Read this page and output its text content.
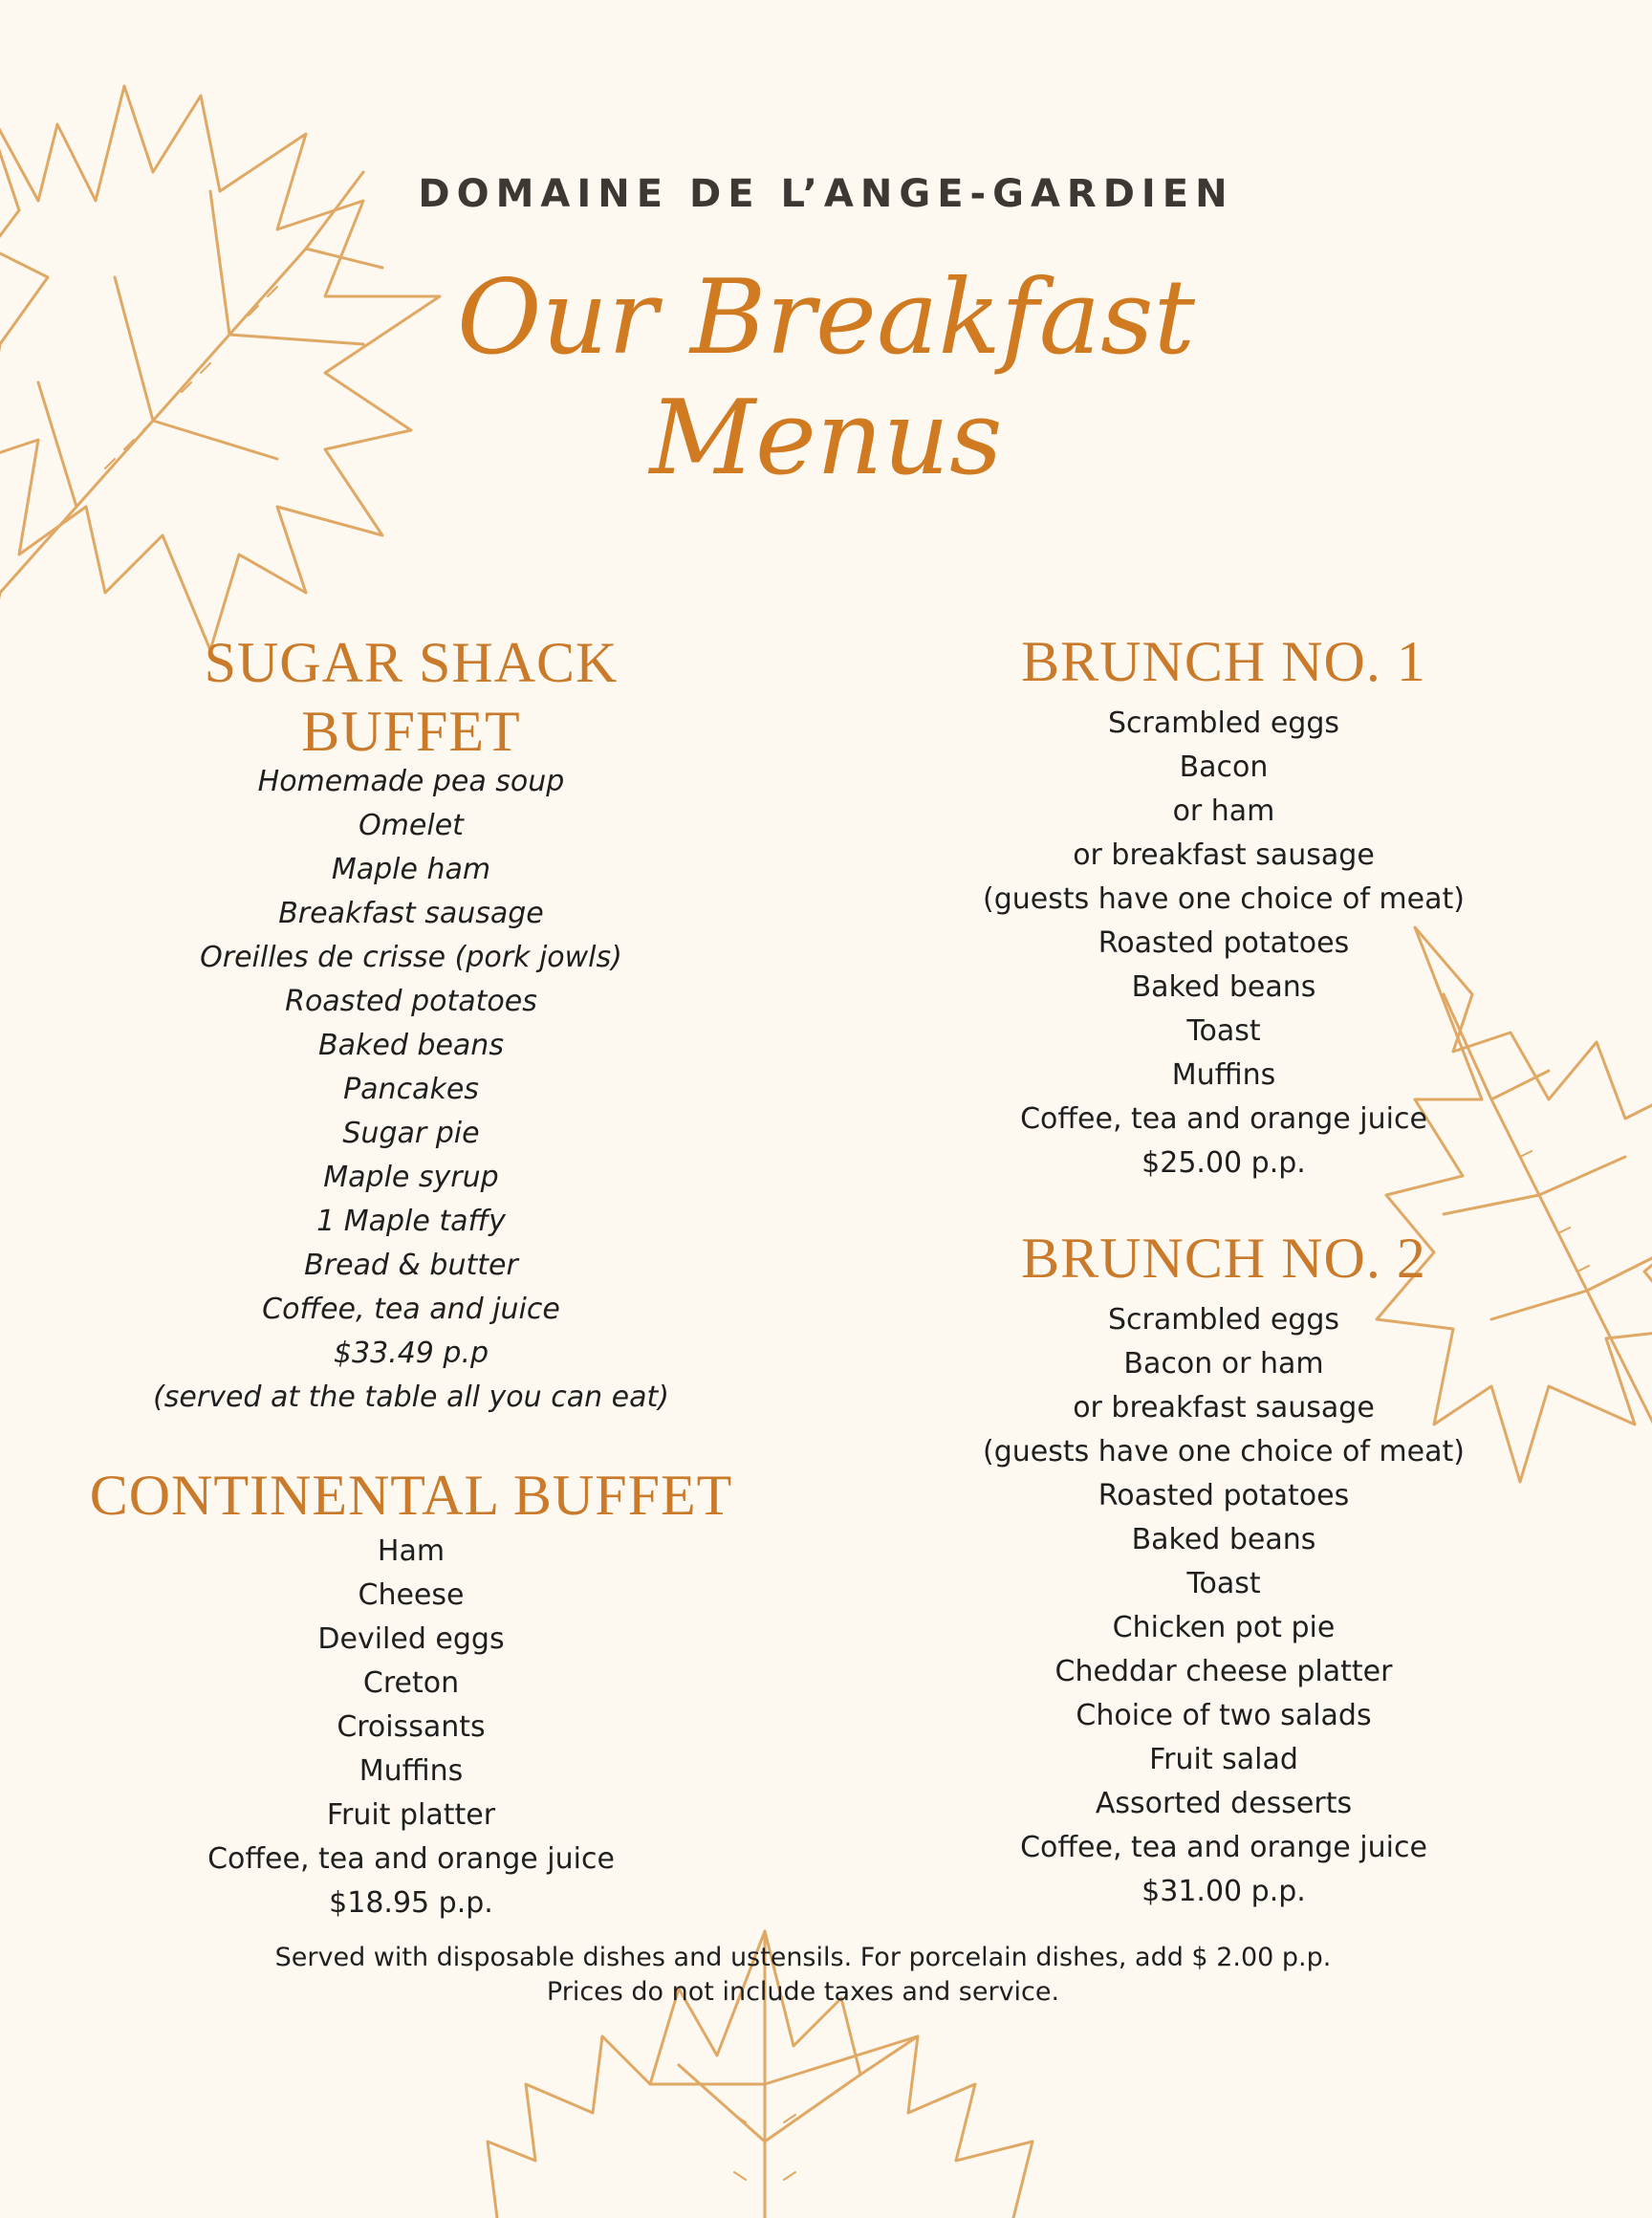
DOMAINE DE L’ANGE-GARDIEN
Our Breakfast
Menus
SUGAR SHACK
BUFFET
Homemade pea soup
Omelet
Maple ham
Breakfast sausage
Oreilles de crisse (pork jowls)
Roasted potatoes
Baked beans
Pancakes
Sugar pie
Maple syrup
1 Maple taffy
Bread & butter
Coffee, tea and juice
$33.49 p.p
(served at the table all you can eat)
CONTINENTAL BUFFET
Ham
Cheese
Deviled eggs
Creton
Croissants
Muffins
Fruit platter
Coffee, tea and orange juice
$18.95 p.p.
BRUNCH NO. 1
Scrambled eggs
Bacon
or ham
or breakfast sausage
(guests have one choice of meat)
Roasted potatoes
Baked beans
Toast
Muffins
Coffee, tea and orange juice
$25.00 p.p.
BRUNCH NO. 2
Scrambled eggs
Bacon or ham
or breakfast sausage
(guests have one choice of meat)
Roasted potatoes
Baked beans
Toast
Chicken pot pie
Cheddar cheese platter
Choice of two salads
Fruit salad
Assorted desserts
Coffee, tea and orange juice
$31.00 p.p.
Served with disposable dishes and ustensils. For porcelain dishes, add $ 2.00 p.p.
Prices do not include taxes and service.
